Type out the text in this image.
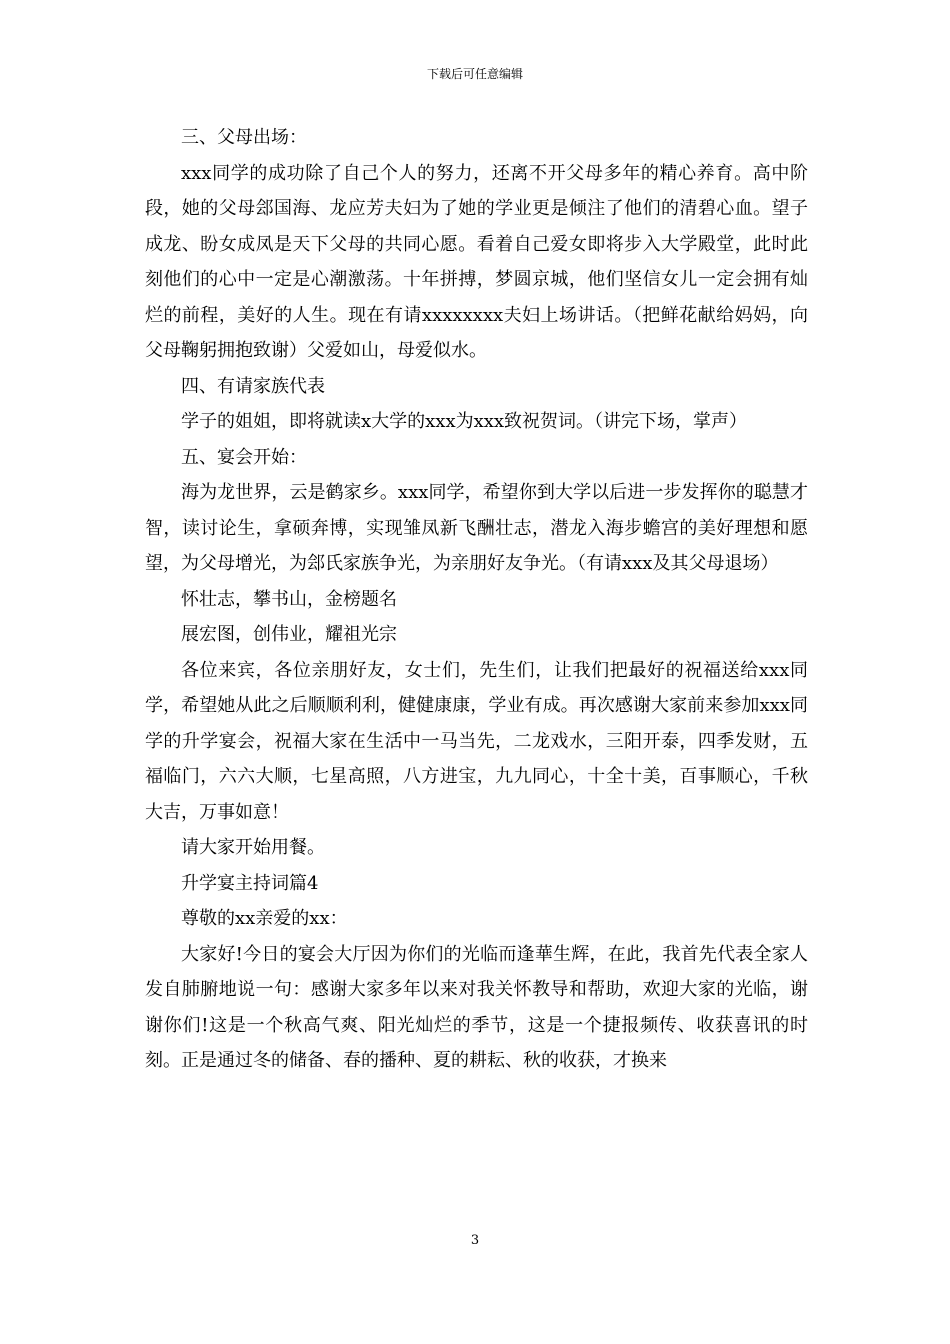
下载后可任意编辑

三、父母出场：

xxx同学的成功除了自己个人的努力，还离不开父母多年的精心养育。高中阶段，她的父母郐国海、龙应芳夫妇为了她的学业更是倾注了他们的清碧心血。望子成龙、盼女成凤是天下父母的共同心愿。看着自己爱女即将步入大学殿堂，此时此刻他们的心中一定是心潮激荡。十年拼搏，梦圆京城，他们坚信女儿一定会拥有灿烂的前程，美好的人生。现在有请xxxxxxxx夫妇上场讲话。（把鲜花献给妈妈，向父母鞠躬拥抱致谢）父爱如山，母爱似水。

四、有请家族代表

学子的姐姐，即将就读x大学的xxx为xxx致祝贺词。（讲完下场，掌声）

五、宴会开始：

海为龙世界，云是鹤家乡。xxx同学，希望你到大学以后进一步发挥你的聪慧才智，读讨论生，拿硕奔博，实现雏凤新飞酬壮志，潜龙入海步蟾宫的美好理想和愿望，为父母增光，为郐氏家族争光，为亲朋好友争光。（有请xxx及其父母退场）

怀壮志，攀书山，金榜题名

展宏图，创伟业，耀祖光宗

各位来宾，各位亲朋好友，女士们，先生们，让我们把最好的祝福送给xxx同学，希望她从此之后顺顺利利，健健康康，学业有成。再次感谢大家前来参加xxx同学的升学宴会，祝福大家在生活中一马当先，二龙戏水，三阳开泰，四季发财，五福临门，六六大顺，七星高照，八方进宝，九九同心，十全十美，百事顺心，千秋大吉，万事如意！

请大家开始用餐。

升学宴主持词篇4

尊敬的xx亲爱的xx：

大家好!今日的宴会大厅因为你们的光临而逢華生辉，在此，我首先代表全家人发自肺腑地说一句：感谢大家多年以来对我关怀教导和帮助，欢迎大家的光临，谢谢你们!这是一个秋高气爽、阳光灿烂的季节，这是一个捷报频传、收获喜讯的时刻。正是通过冬的储备、春的播种、夏的耕耘、秋的收获，才换来

3
